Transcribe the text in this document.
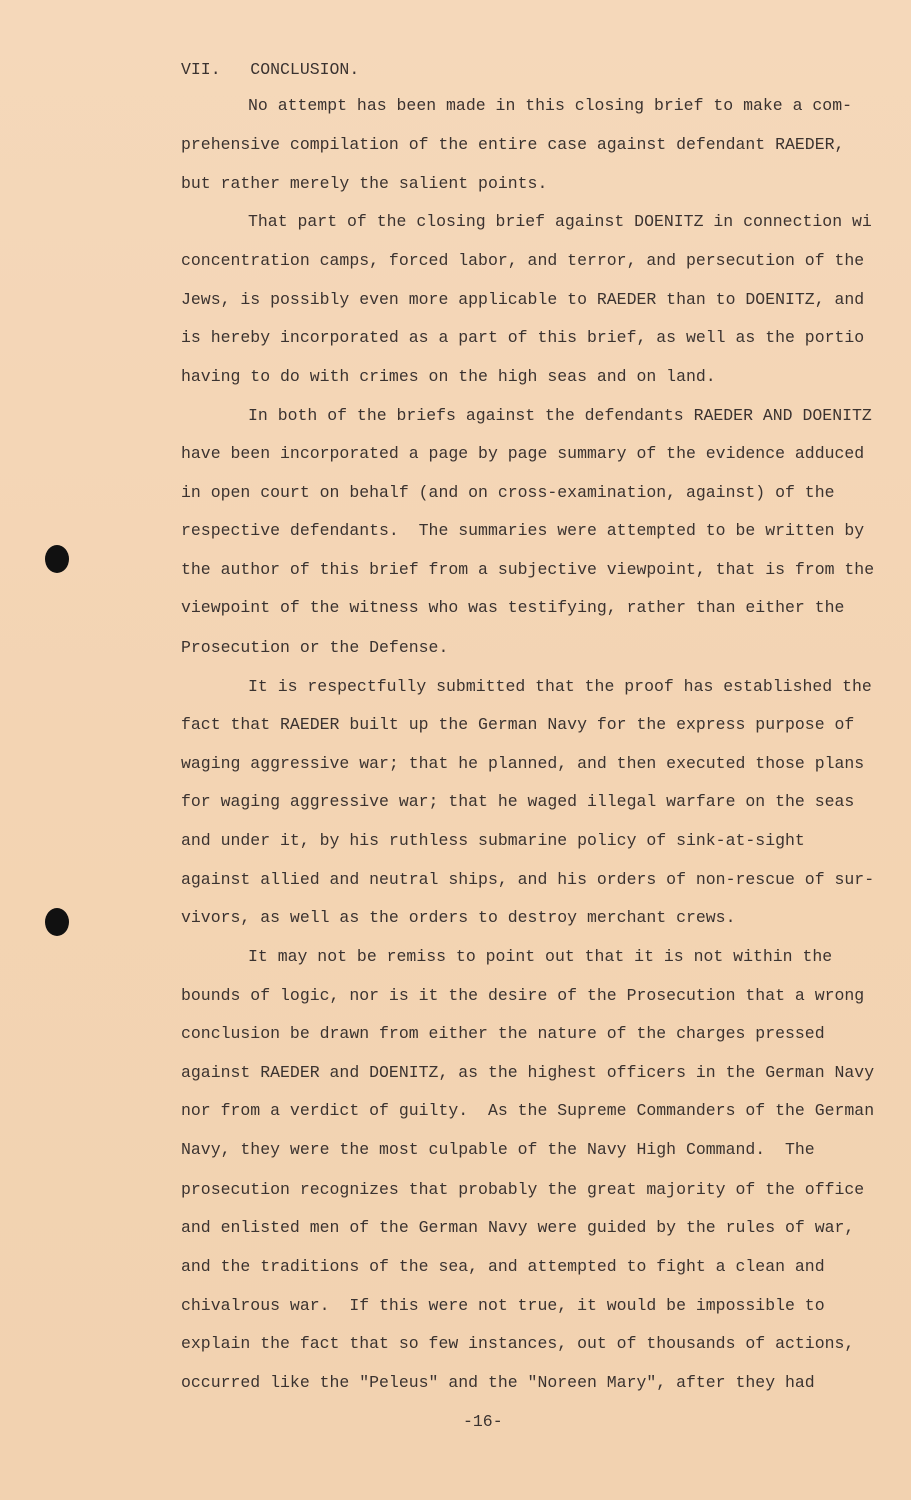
VII.   CONCLUSION.
No attempt has been made in this closing brief to make a com-
prehensive compilation of the entire case against defendant RAEDER,
but rather merely the salient points.
That part of the closing brief against DOENITZ in connection wi
concentration camps, forced labor, and terror, and persecution of the
Jews, is possibly even more applicable to RAEDER than to DOENITZ, and
is hereby incorporated as a part of this brief, as well as the portio
having to do with crimes on the high seas and on land.
In both of the briefs against the defendants RAEDER AND DOENITZ
have been incorporated a page by page summary of the evidence adduced
in open court on behalf (and on cross-examination, against) of the
respective defendants.  The summaries were attempted to be written by
the author of this brief from a subjective viewpoint, that is from the
viewpoint of the witness who was testifying, rather than either the
Prosecution or the Defense.
It is respectfully submitted that the proof has established the
fact that RAEDER built up the German Navy for the express purpose of
waging aggressive war; that he planned, and then executed those plans
for waging aggressive war; that he waged illegal warfare on the seas
and under it, by his ruthless submarine policy of sink-at-sight
against allied and neutral ships, and his orders of non-rescue of sur-
vivors, as well as the orders to destroy merchant crews.
It may not be remiss to point out that it is not within the
bounds of logic, nor is it the desire of the Prosecution that a wrong
conclusion be drawn from either the nature of the charges pressed
against RAEDER and DOENITZ, as the highest officers in the German Navy
nor from a verdict of guilty.  As the Supreme Commanders of the German
Navy, they were the most culpable of the Navy High Command.  The
prosecution recognizes that probably the great majority of the office
and enlisted men of the German Navy were guided by the rules of war,
and the traditions of the sea, and attempted to fight a clean and
chivalrous war.  If this were not true, it would be impossible to
explain the fact that so few instances, out of thousands of actions,
occurred like the "Peleus" and the "Noreen Mary", after they had
-16-
